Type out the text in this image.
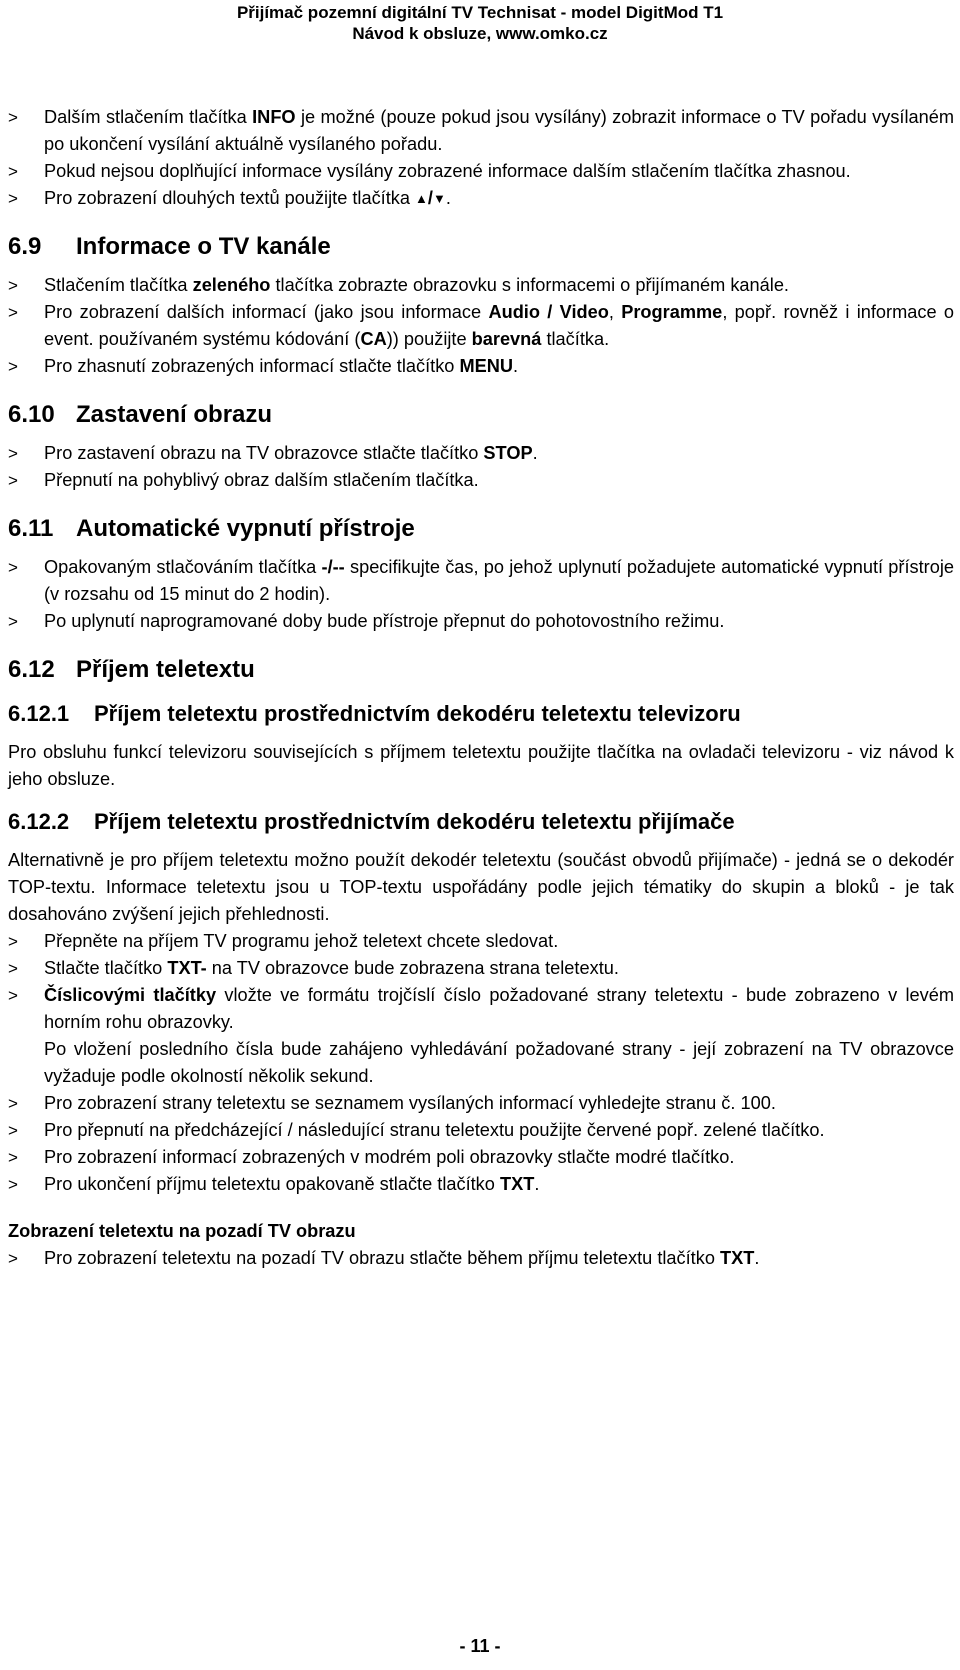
Přijímač pozemní digitální TV Technisat - model DigitMod T1
Návod k obsluze, www.omko.cz
>	Dalším stlačením tlačítka INFO je možné (pouze pokud jsou vysílány) zobrazit informace o TV pořadu vysílaném po ukončení vysílání aktuálně vysílaného pořadu.
>	Pokud nejsou doplňující informace vysílány zobrazené informace dalším stlačením tlačítka zhasnou.
>	Pro zobrazení dlouhých textů použijte tlačítka ▲/▼.
6.9 Informace o TV kanále
>	Stlačením tlačítka zeleného tlačítka zobrazte obrazovku s informacemi o přijímaném kanále.
>	Pro zobrazení dalších informací (jako jsou informace Audio / Video, Programme, popř. rovněž i informace o event. používaném systému kódování (CA)) použijte barevná tlačítka.
>	Pro zhasnutí zobrazených informací stlačte tlačítko MENU.
6.10 Zastavení obrazu
>	Pro zastavení obrazu na TV obrazovce stlačte tlačítko STOP.
>	Přepnutí na pohyblivý obraz dalším stlačením tlačítka.
6.11 Automatické vypnutí přístroje
>	Opakovaným stlačováním tlačítka -/-- specifikujte čas, po jehož uplynutí požadujete automatické vypnutí přístroje (v rozsahu od 15 minut do 2 hodin).
>	Po uplynutí naprogramované doby bude přístroje přepnut do pohotovostního režimu.
6.12 Příjem teletextu
6.12.1 Příjem teletextu prostřednictvím dekodéru teletextu televizoru

Pro obsluhu funkcí televizoru souvisejících s příjmem teletextu použijte tlačítka na ovladači televizoru - viz návod k jeho obsluze.

6.12.2 Příjem teletextu prostřednictvím dekodéru teletextu přijímače

Alternativně je pro příjem teletextu možno použít dekodér teletextu (součást obvodů přijímače) - jedná se o dekodér TOP-textu. Informace teletextu jsou u TOP-textu uspořádány podle jejich tématiky do skupin a bloků - je tak dosahováno zvýšení jejich přehlednosti.

>	Přepněte na příjem TV programu jehož teletext chcete sledovat.
>	Stlačte tlačítko TXT- na TV obrazovce bude zobrazena strana teletextu.
>	Číslicovými tlačítky vložte ve formátu trojčíslí číslo požadované strany teletextu - bude zobrazeno v levém horním rohu obrazovky.
Po vložení posledního čísla bude zahájeno vyhledávání požadované strany - její zobrazení na TV obrazovce vyžaduje podle okolností několik sekund.
>	Pro zobrazení strany teletextu se seznamem vysílaných informací vyhledejte stranu č. 100.
>	Pro přepnutí na předcházející / následující stranu teletextu použijte červené popř. zelené tlačítko.
>	Pro zobrazení informací zobrazených v modrém poli obrazovky stlačte modré tlačítko.
>	Pro ukončení příjmu teletextu opakovaně stlačte tlačítko TXT.
Zobrazení teletextu na pozadí TV obrazu
>	Pro zobrazení teletextu na pozadí TV obrazu stlačte během příjmu teletextu tlačítko TXT.
- 11 -
